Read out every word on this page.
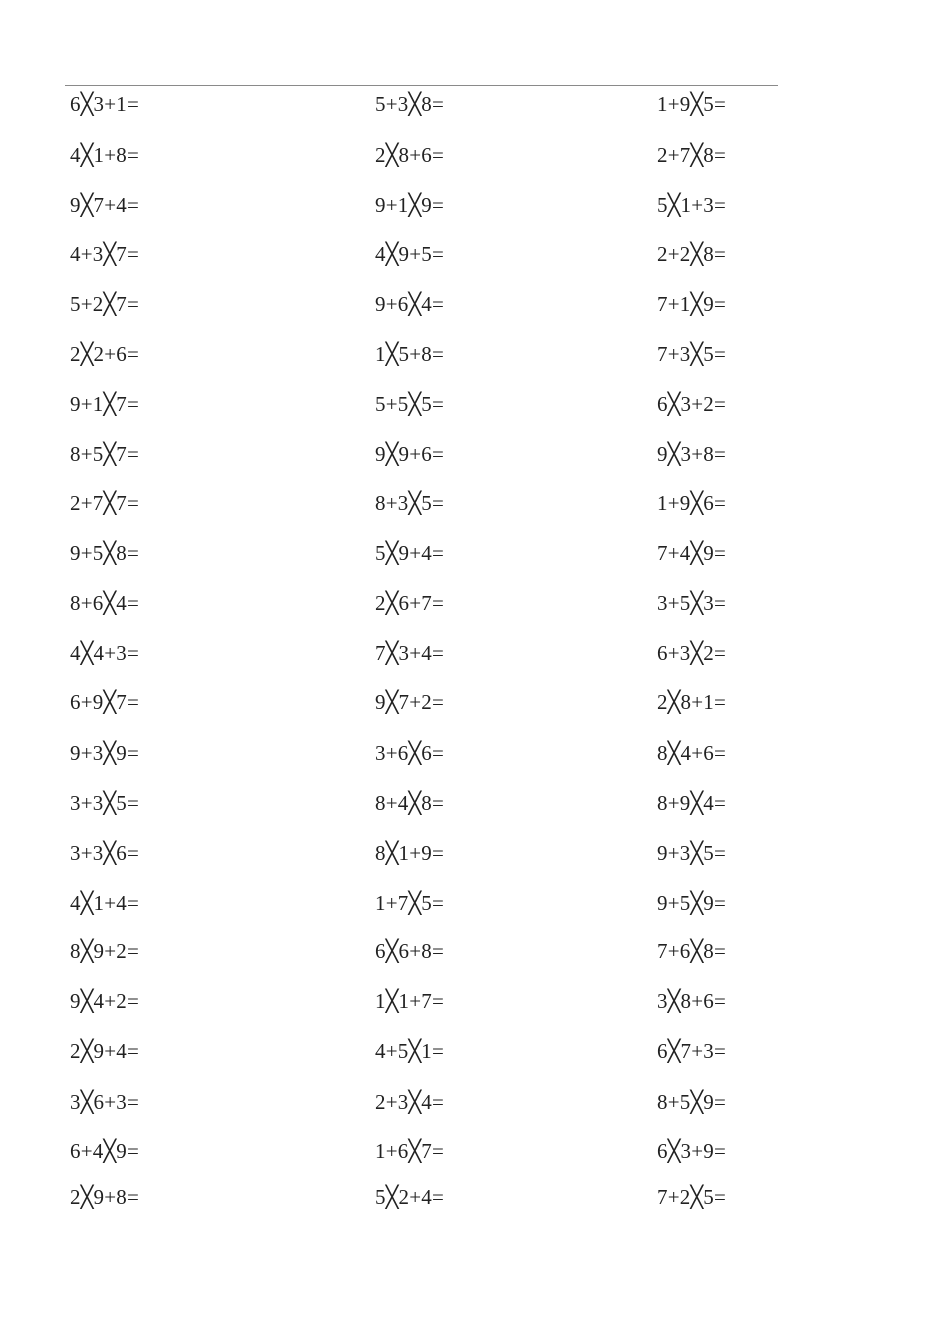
6╳3+1=
4╳1+8=
9╳7+4=
4+3╳7=
5+2╳7=
2╳2+6=
9+1╳7=
8+5╳7=
2+7╳7=
9+5╳8=
8+6╳4=
4╳4+3=
6+9╳7=
9+3╳9=
3+3╳5=
3+3╳6=
4╳1+4=
8╳9+2=
9╳4+2=
2╳9+4=
3╳6+3=
6+4╳9=
2╳9+8=
5+3╳8=
2╳8+6=
9+1╳9=
4╳9+5=
9+6╳4=
1╳5+8=
5+5╳5=
9╳9+6=
8+3╳5=
5╳9+4=
2╳6+7=
7╳3+4=
9╳7+2=
3+6╳6=
8+4╳8=
8╳1+9=
1+7╳5=
6╳6+8=
1╳1+7=
4+5╳1=
2+3╳4=
1+6╳7=
5╳2+4=
1+9╳5=
2+7╳8=
5╳1+3=
2+2╳8=
7+1╳9=
7+3╳5=
6╳3+2=
9╳3+8=
1+9╳6=
7+4╳9=
3+5╳3=
6+3╳2=
2╳8+1=
8╳4+6=
8+9╳4=
9+3╳5=
9+5╳9=
7+6╳8=
3╳8+6=
6╳7+3=
8+5╳9=
6╳3+9=
7+2╳5=
